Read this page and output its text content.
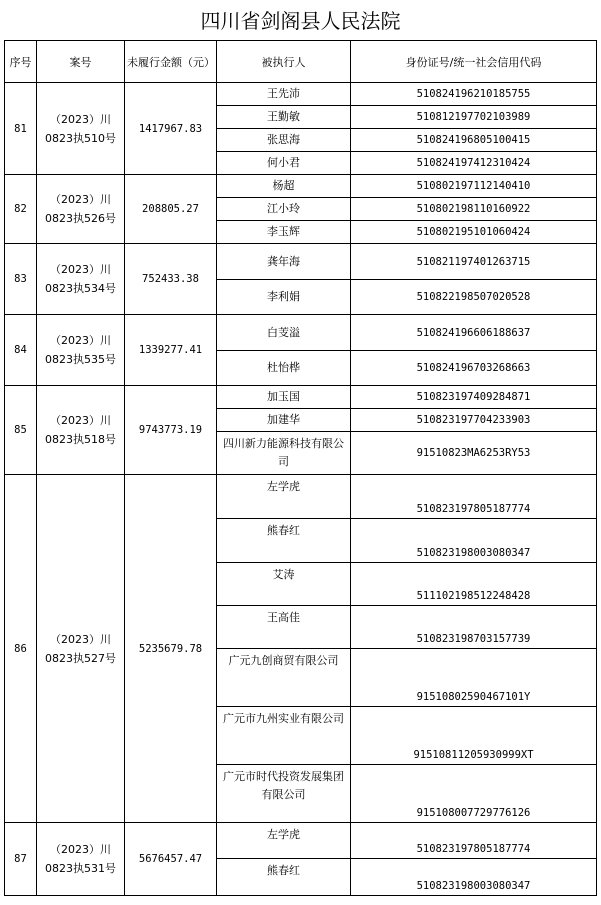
四川省剑阁县人民法院
序号	案号	未履行金额（元）	被执行人	身份证号/统一社会信用代码
81	（2023）川0823执510号	1417967.83	王先沛	510824196210185755
			王勤敏	510812197702103989
			张思海	510824196805100415
			何小君	510824197412310424
82	（2023）川0823执526号	208805.27	杨超	510802197112140410
			江小玲	510802198110160922
			李玉辉	510802195101060424
83	（2023）川0823执534号	752433.38	龚年海	510821197401263715
			李利娟	510822198507020528
84	（2023）川0823执535号	1339277.41	白芰溢	510824196606188637
			杜怡桦	510824196703268663
85	（2023）川0823执518号	9743773.19	加玉国	510823197409284871
			加建华	510823197704233903
			四川新力能源科技有限公司	91510823MA6253RY53
86	（2023）川0823执527号	5235679.78	左学虎	510823197805187774
			熊春红	510823198003080347
			艾涛	511102198512248428
			王高佳	510823198703157739
			广元九创商贸有限公司	91510802590467101Y
			广元市九州实业有限公司	91510811205930999XT
			广元市时代投资发展集团有限公司	915108007729776126
87	（2023）川0823执531号	5676457.47	左学虎	510823197805187774
			熊春红	510823198003080347
